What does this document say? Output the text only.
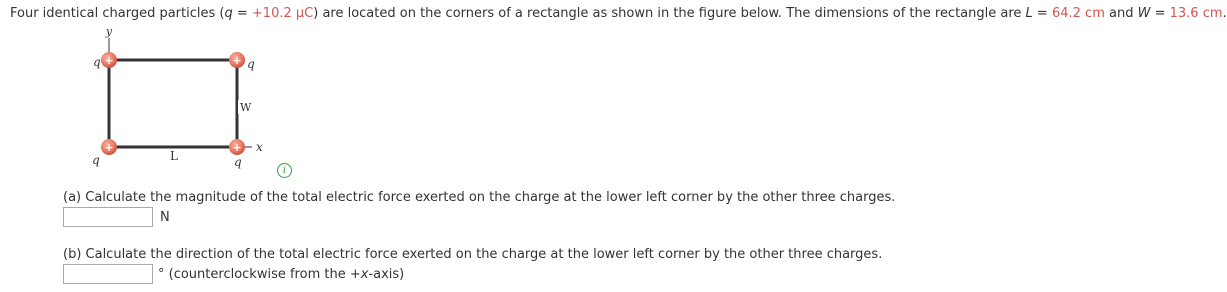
Four identical charged particles (q = +10.2 μC) are located on the corners of a rectangle as shown in the figure below. The dimensions of the rectangle are L = 64.2 cm and W = 13.6 cm.
y
x
W
L
+	+
+	+
q	q
q	q
i
(a) Calculate the magnitude of the total electric force exerted on the charge at the lower left corner by the other three charges.
N
(b) Calculate the direction of the total electric force exerted on the charge at the lower left corner by the other three charges.
° (counterclockwise from the +x-axis)
